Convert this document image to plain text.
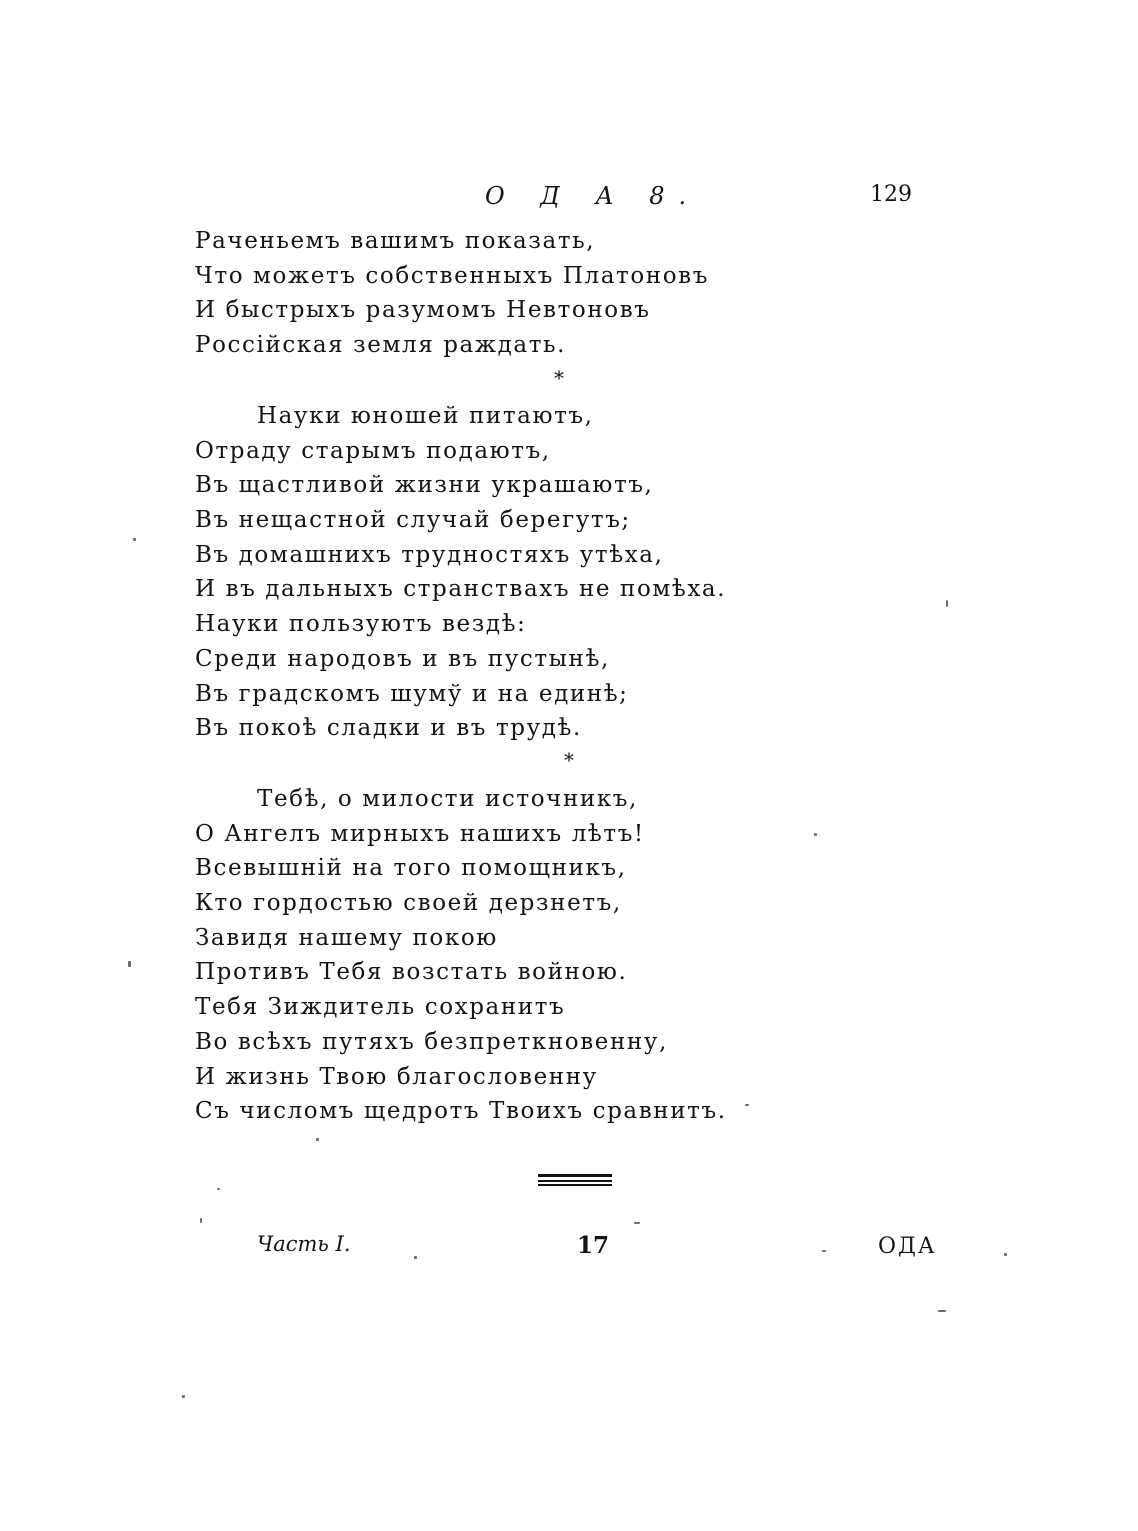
О Д А 8.	129
Раченьемъ вашимъ показать,
Что можетъ собственныхъ Платоновъ
И быстрыхъ разумомъ Невтоновъ
Россійская земля раждать.
*
Науки юношей питаютъ,
Отраду старымъ подаютъ,
Въ щастливой жизни украшаютъ,
Въ нещастной случай берегутъ;
Въ домашнихъ трудностяхъ утѣха,
И въ дальныхъ странствахъ не помѣха.
Науки пользуютъ вездѣ:
Среди народовъ и въ пустынѣ,
Въ градскомъ шумў и на единѣ;
Въ покоѣ сладки и въ трудѣ.
*
Тебѣ, о милости источникъ,
О Ангелъ мирныхъ нашихъ лѣтъ!
Всевышній на того помощникъ,
Кто гордостью своей дерзнетъ,
Завидя нашему покою
Противъ Тебя возстать войною.
Тебя Зиждитель сохранитъ
Во всѣхъ путяхъ безпреткновенну,
И жизнь Твою благословенну
Съ числомъ щедротъ Твоихъ сравнитъ.
Часть I.	17	ОДА
